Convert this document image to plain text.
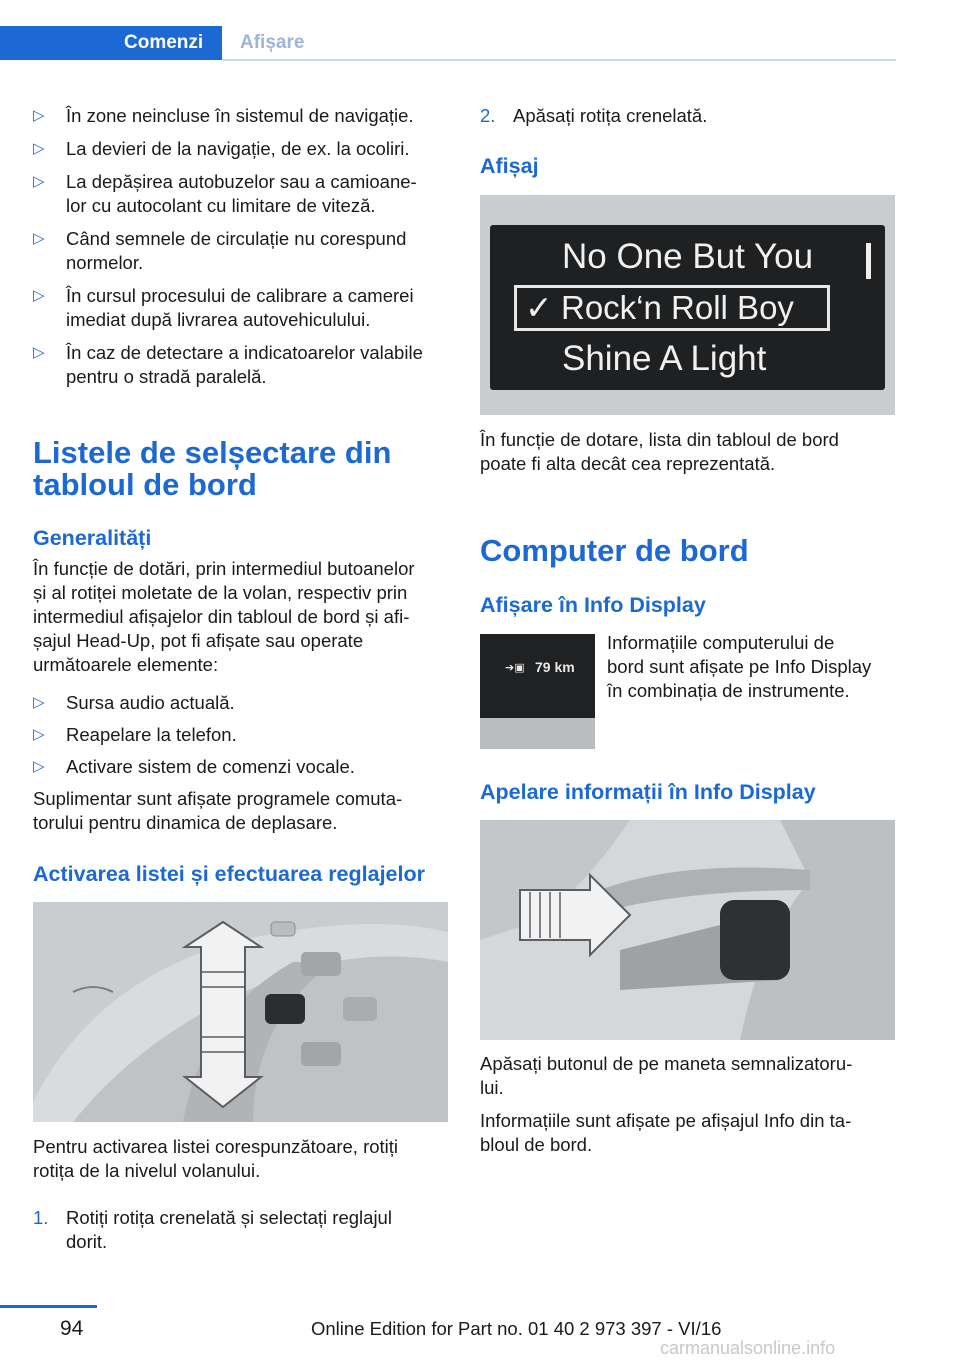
Comenzi Afișare
▷ În zone neincluse în sistemul de navigație.
▷ La devieri de la navigație, de ex. la ocoliri.
▷ La depășirea autobuzelor sau a camioane-
lor cu autocolant cu limitare de viteză.
▷ Când semnele de circulație nu corespund
normelor.
▷ În cursul procesului de calibrare a camerei
imediat după livrarea autovehiculului.
▷ În caz de detectare a indicatoarelor valabile
pentru o stradă paralelă.
Listele de selșectare din
tabloul de bord
Generalități
În funcție de dotări, prin intermediul butoanelor
și al rotiței moletate de la volan, respectiv prin
intermediul afișajelor din tabloul de bord și afi‐
șajul Head-Up, pot fi afișate sau operate
următoarele elemente:
▷ Sursa audio actuală.
▷ Reapelare la telefon.
▷ Activare sistem de comenzi vocale.
Suplimentar sunt afișate programele comuta‐
torului pentru dinamica de deplasare.
Activarea listei și efectuarea reglajelor
Pentru activarea listei corespunzătoare, rotiți
rotița de la nivelul volanului.
1. Rotiți rotița crenelată și selectați reglajul
dorit.
2. Apăsați rotița crenelată.
Afișaj
No One But You
✓ Rock‘n Roll Boy
Shine A Light
În funcție de dotare, lista din tabloul de bord
poate fi alta decât cea reprezentată.
Computer de bord
Afișare în Info Display
➔▣ 79 km
Informațiile computerului de
bord sunt afișate pe Info Display
în combinația de instrumente.
Apelare informații în Info Display
Apăsați butonul de pe maneta semnalizatoru‐
lui.
Informațiile sunt afișate pe afișajul Info din ta‐
bloul de bord.
94	Online Edition for Part no. 01 40 2 973 397 - VI/16
carmanualsonline.info
